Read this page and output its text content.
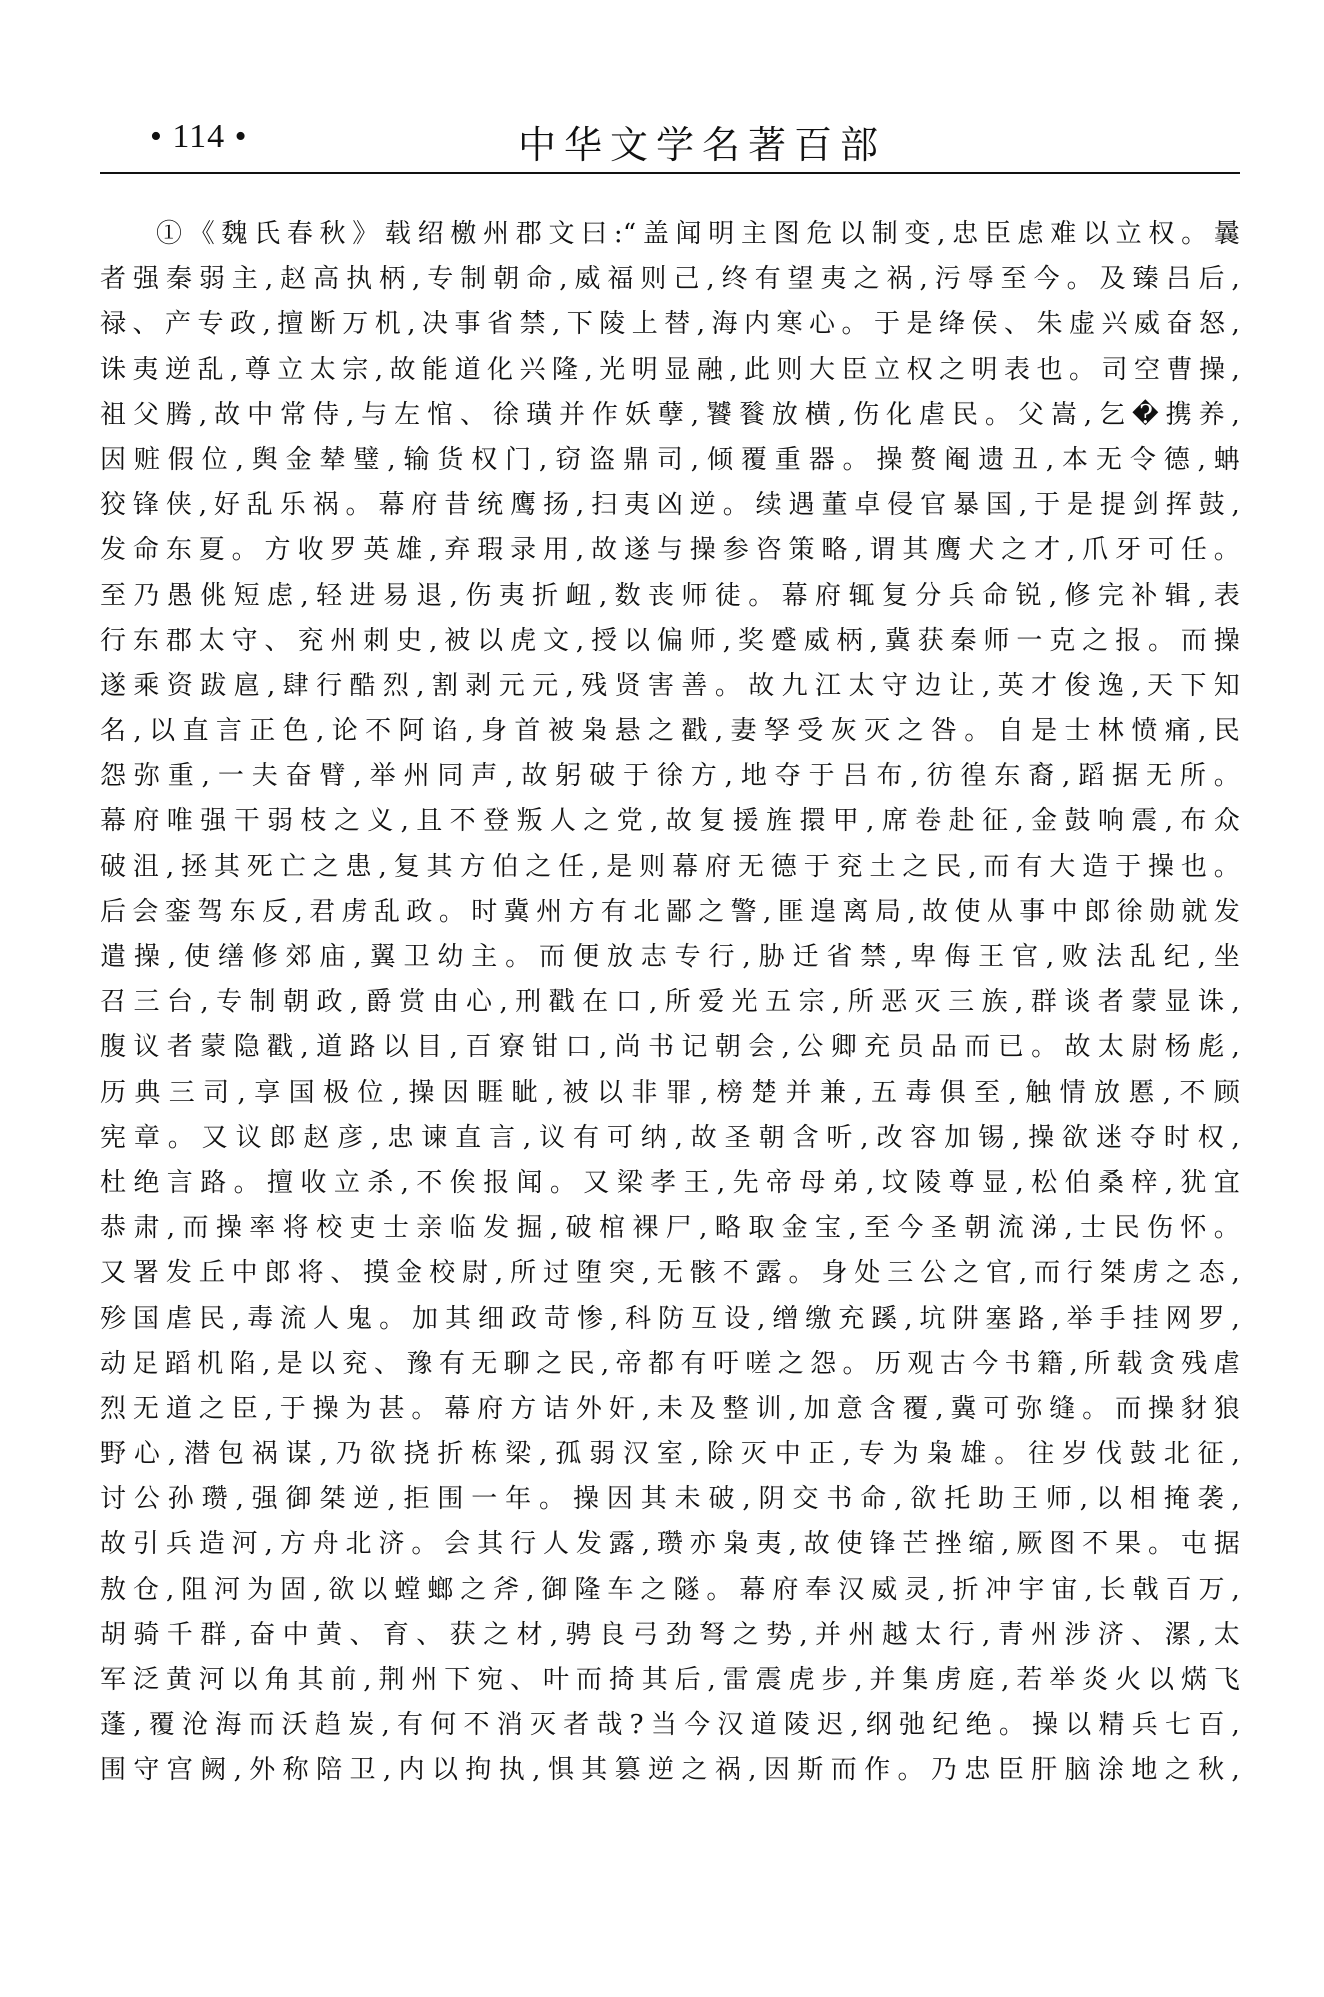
• 114 •	中华文学名著百部
①《魏氏春秋》载绍檄州郡文曰:“盖闻明主图危以制变,忠臣虑难以立权。曩
者强秦弱主,赵高执柄,专制朝命,威福则己,终有望夷之祸,污辱至今。及臻吕后,
禄、产专政,擅断万机,决事省禁,下陵上替,海内寒心。于是绛侯、朱虚兴威奋怒,
诛夷逆乱,尊立太宗,故能道化兴隆,光明显融,此则大臣立权之明表也。司空曹操,
祖父腾,故中常侍,与左悺、徐璜并作妖孽,饕餮放横,伤化虐民。父嵩,乞�携养,
因赃假位,舆金辇璧,输货权门,窃盗鼎司,倾覆重器。操赘阉遗丑,本无令德,蚺
狡锋侠,好乱乐祸。幕府昔统鹰扬,扫夷凶逆。续遇董卓侵官暴国,于是提剑挥鼓,
发命东夏。方收罗英雄,弃瑕录用,故遂与操参咨策略,谓其鹰犬之才,爪牙可任。
至乃愚佻短虑,轻进易退,伤夷折衄,数丧师徒。幕府辄复分兵命锐,修完补辑,表
行东郡太守、兖州刺史,被以虎文,授以偏师,奖蹙威柄,冀获秦师一克之报。而操
遂乘资跋扈,肆行酷烈,割剥元元,残贤害善。故九江太守边让,英才俊逸,天下知
名,以直言正色,论不阿谄,身首被枭悬之戳,妻孥受灰灭之咎。自是士林愤痛,民
怨弥重,一夫奋臂,举州同声,故躬破于徐方,地夺于吕布,彷徨东裔,蹈据无所。
幕府唯强干弱枝之义,且不登叛人之党,故复援旌擐甲,席卷赴征,金鼓响震,布众
破沮,拯其死亡之患,复其方伯之任,是则幕府无德于兖土之民,而有大造于操也。
后会銮驾东反,君虏乱政。时冀州方有北鄙之警,匪遑离局,故使从事中郎徐勋就发
遣操,使缮修郊庙,翼卫幼主。而便放志专行,胁迁省禁,卑侮王官,败法乱纪,坐
召三台,专制朝政,爵赏由心,刑戳在口,所爱光五宗,所恶灭三族,群谈者蒙显诛,
腹议者蒙隐戳,道路以目,百寮钳口,尚书记朝会,公卿充员品而已。故太尉杨彪,
历典三司,享国极位,操因睚眦,被以非罪,榜楚并兼,五毒俱至,触情放慝,不顾
宪章。又议郎赵彦,忠谏直言,议有可纳,故圣朝含听,改容加锡,操欲迷夺时权,
杜绝言路。擅收立杀,不俟报闻。又梁孝王,先帝母弟,坟陵尊显,松伯桑梓,犹宜
恭肃,而操率将校吏士亲临发掘,破棺裸尸,略取金宝,至今圣朝流涕,士民伤怀。
又署发丘中郎将、摸金校尉,所过堕突,无骸不露。身处三公之官,而行桀虏之态,
殄国虐民,毒流人鬼。加其细政苛惨,科防互设,缯缴充蹊,坑阱塞路,举手挂网罗,
动足蹈机陷,是以兖、豫有无聊之民,帝都有吁嗟之怨。历观古今书籍,所载贪残虐
烈无道之臣,于操为甚。幕府方诘外奸,未及整训,加意含覆,冀可弥缝。而操豺狼
野心,潜包祸谋,乃欲挠折栋梁,孤弱汉室,除灭中正,专为枭雄。往岁伐鼓北征,
讨公孙瓒,强御桀逆,拒围一年。操因其未破,阴交书命,欲托助王师,以相掩袭,
故引兵造河,方舟北济。会其行人发露,瓒亦枭夷,故使锋芒挫缩,厥图不果。屯据
敖仓,阻河为固,欲以螳螂之斧,御隆车之隧。幕府奉汉威灵,折冲宇宙,长戟百万,
胡骑千群,奋中黄、育、获之材,骋良弓劲弩之势,并州越太行,青州涉济、漯,太
军泛黄河以角其前,荆州下宛、叶而掎其后,雷震虎步,并集虏庭,若举炎火以焫飞
蓬,覆沧海而沃趋炭,有何不消灭者哉?当今汉道陵迟,纲弛纪绝。操以精兵七百,
围守宫阙,外称陪卫,内以拘执,惧其篡逆之祸,因斯而作。乃忠臣肝脑涂地之秋,
